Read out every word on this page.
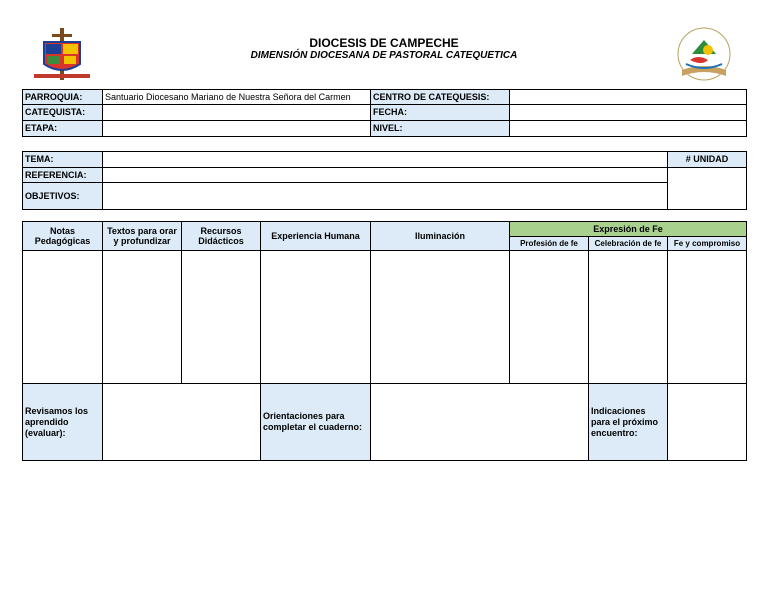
DIOCESIS DE CAMPECHE
DIMENSIÓN DIOCESANA DE PASTORAL CATEQUETICA
PARROQUIA:	Santuario Diocesano Mariano de Nuestra Señora del Carmen	CENTRO DE CATEQUESIS:	
CATEQUISTA:		FECHA:	
ETAPA:		NIVEL:	
TEMA:		# UNIDAD
REFERENCIA:		
OBJETIVOS:		
Notas Pedagógicas	Textos para orar y profundizar	Recursos Didácticos	Experiencia Humana	Iluminación	Expresión de Fe		
					Profesión de fe	Celebración de fe	Fe y compromiso

Revisamos los aprendido (evaluar):			Orientaciones para completar el cuaderno:			Indicaciones para el próximo encuentro:	
